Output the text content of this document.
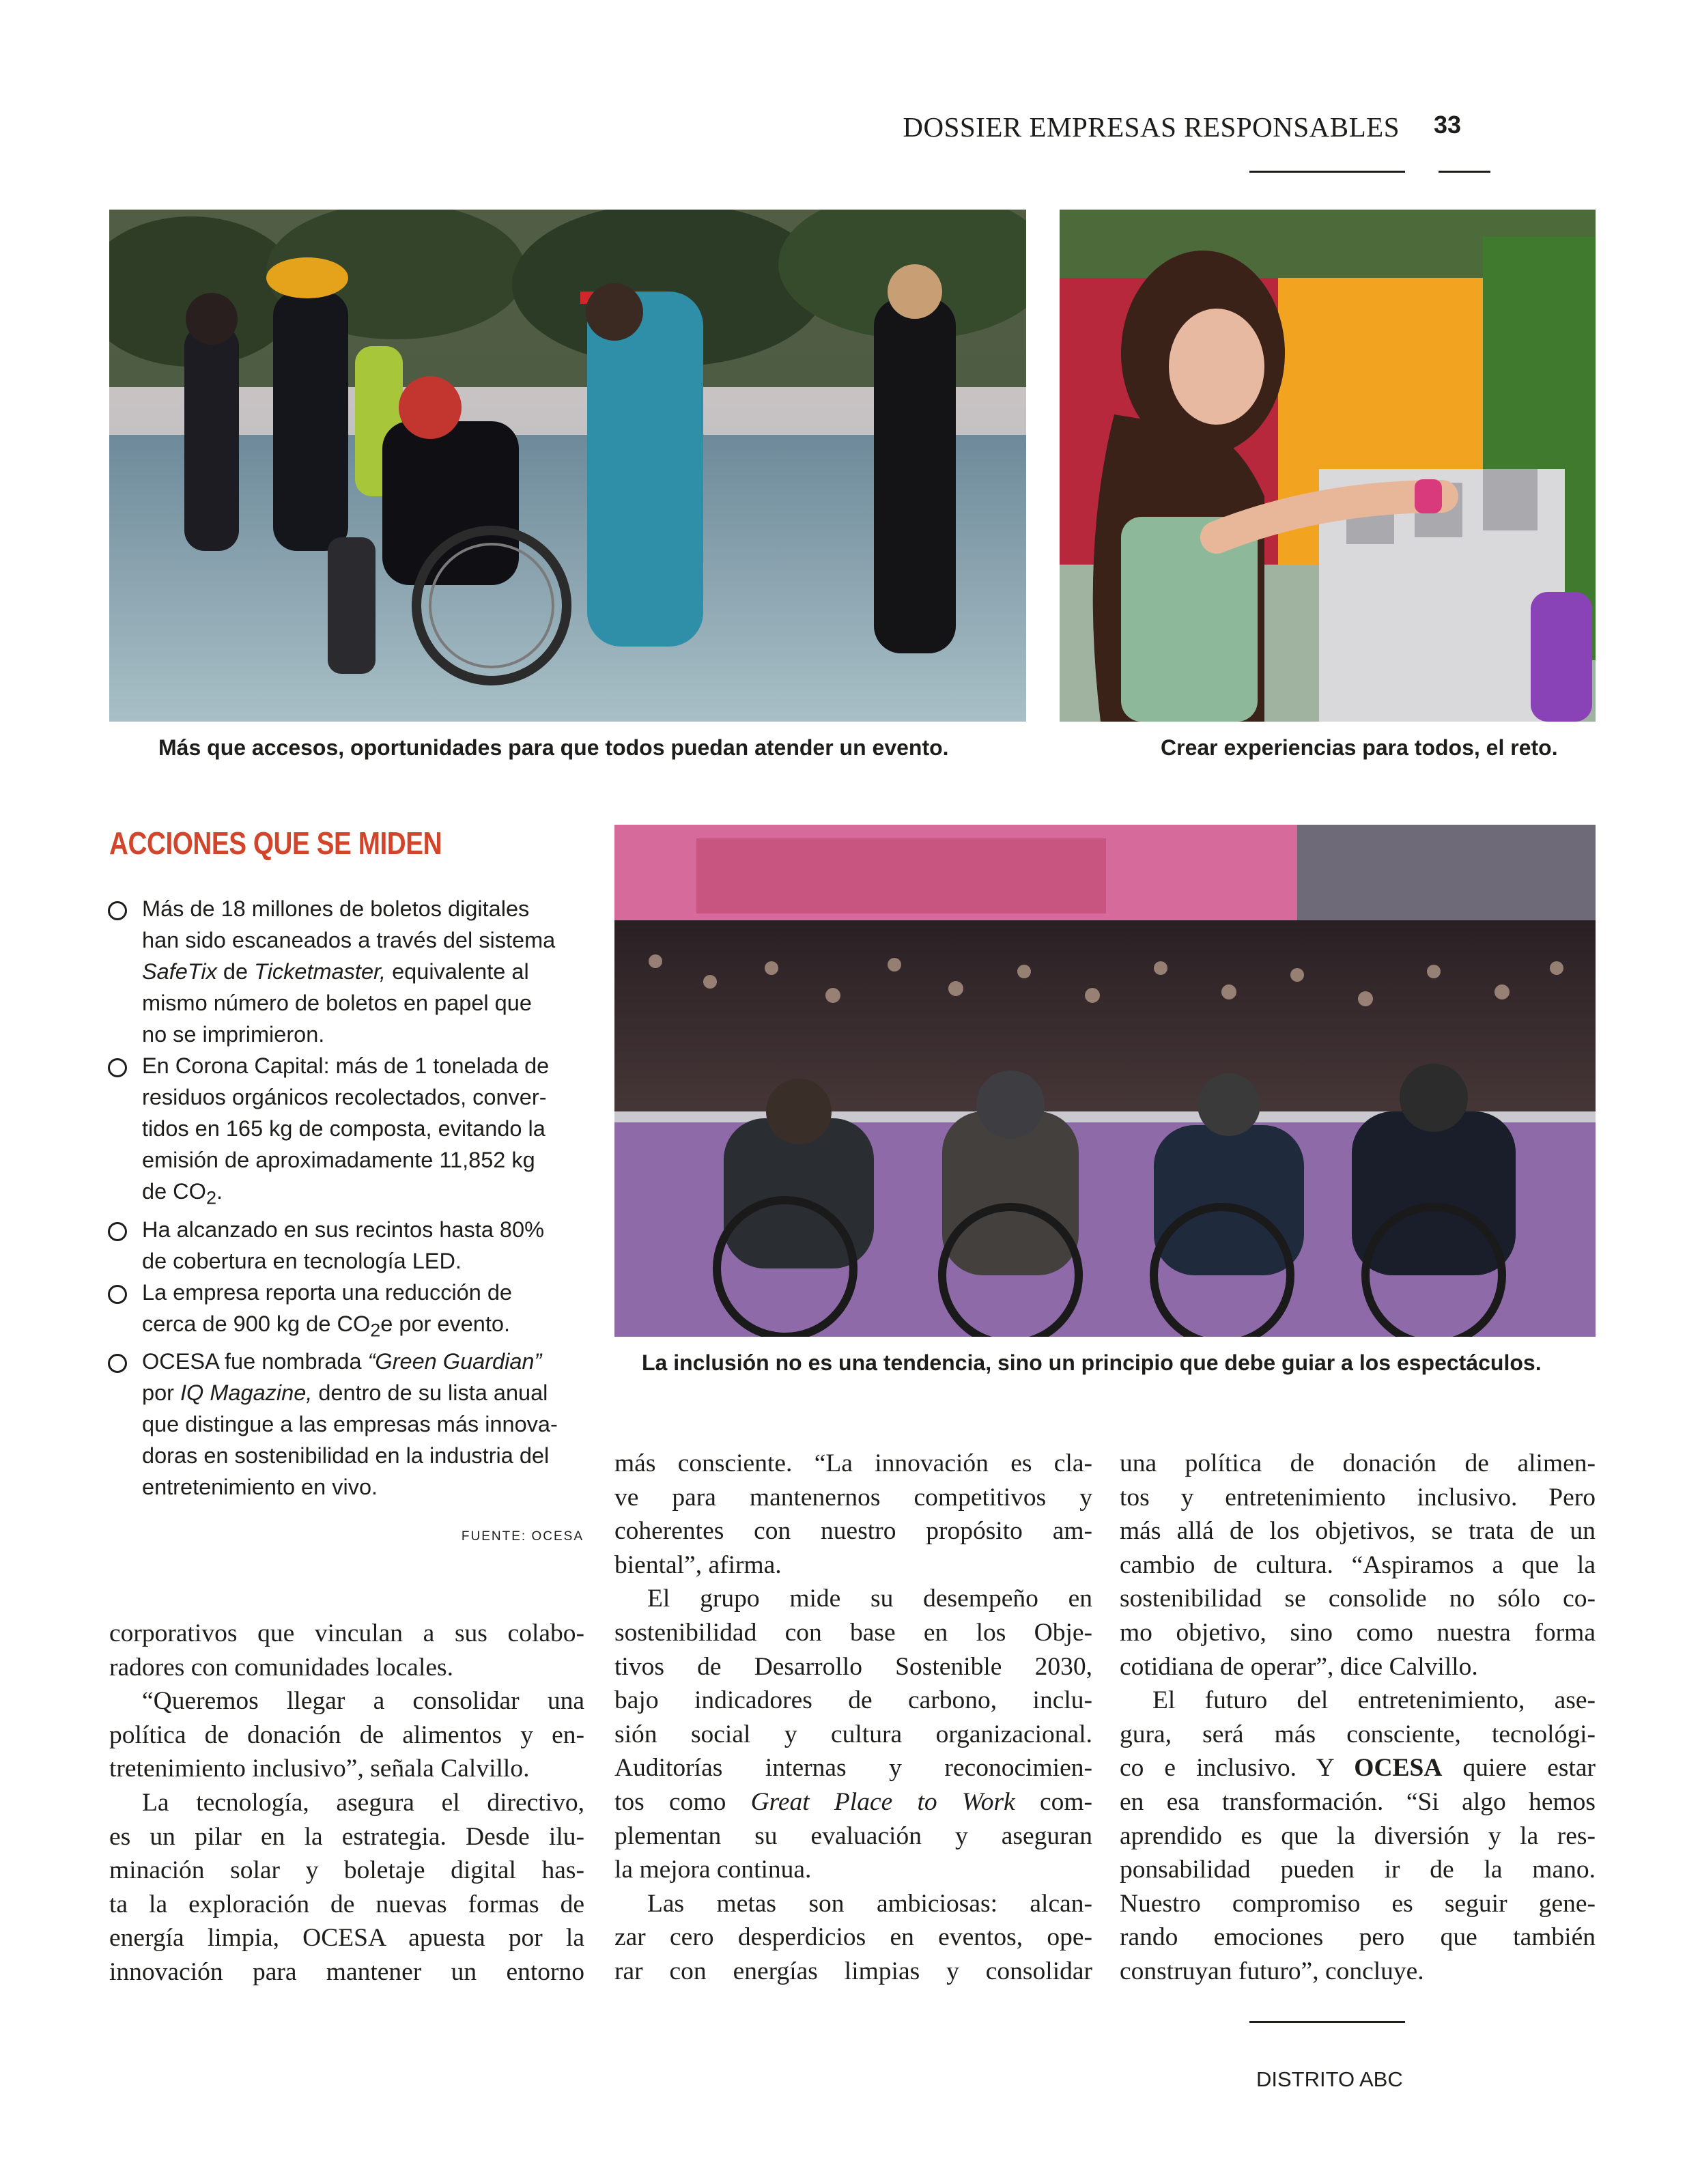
DOSSIER EMPRESAS RESPONSABLES 33
Más que accesos, oportunidades para que todos puedan atender un evento.	Crear experiencias para todos, el reto.
ACCIONES QUE SE MIDEN
Más de 18 millones de boletos digitales
han sido escaneados a través del sistema
SafeTix de Ticketmaster, equivalente al
mismo número de boletos en papel que
no se imprimieron.
En Corona Capital: más de 1 tonelada de
residuos orgánicos recolectados, conver-
tidos en 165 kg de composta, evitando la
emisión de aproximadamente 11,852 kg
de $CO_2$.
Ha alcanzado en sus recintos hasta 80%
de cobertura en tecnología LED.
La empresa reporta una reducción de
cerca de 900 kg de $CO_2e$ por evento.
OCESA fue nombrada “Green Guardian”
por IQ Magazine, dentro de su lista anual
que distingue a las empresas más innova-
doras en sostenibilidad en la industria del
entretenimiento en vivo.
FUENTE: OCESA
La inclusión no es una tendencia, sino un principio que debe guiar a los espectáculos.
corporativos que vinculan a sus colabo-
radores con comunidades locales.
“Queremos llegar a consolidar una
política de donación de alimentos y en-
tretenimiento inclusivo”, señala Calvillo.
La tecnología, asegura el directivo,
es un pilar en la estrategia. Desde ilu-
minación solar y boletaje digital has-
ta la exploración de nuevas formas de
energía limpia, OCESA apuesta por la
innovación para mantener un entorno
más consciente. “La innovación es cla-
ve para mantenernos competitivos y
coherentes con nuestro propósito am-
biental”, afirma.
El grupo mide su desempeño en
sostenibilidad con base en los Obje-
tivos de Desarrollo Sostenible 2030,
bajo indicadores de carbono, inclu-
sión social y cultura organizacional.
Auditorías internas y reconocimien-
tos como Great Place to Work com-
plementan su evaluación y aseguran
la mejora continua.
Las metas son ambiciosas: alcan-
zar cero desperdicios en eventos, ope-
rar con energías limpias y consolidar
una política de donación de alimen-
tos y entretenimiento inclusivo. Pero
más allá de los objetivos, se trata de un
cambio de cultura. “Aspiramos a que la
sostenibilidad se consolide no sólo co-
mo objetivo, sino como nuestra forma
cotidiana de operar”, dice Calvillo.
El futuro del entretenimiento, ase-
gura, será más consciente, tecnológi-
co e inclusivo. Y OCESA quiere estar
en esa transformación. “Si algo hemos
aprendido es que la diversión y la res-
ponsabilidad pueden ir de la mano.
Nuestro compromiso es seguir gene-
rando emociones pero que también
construyan futuro”, concluye.
DISTRITO ABC
